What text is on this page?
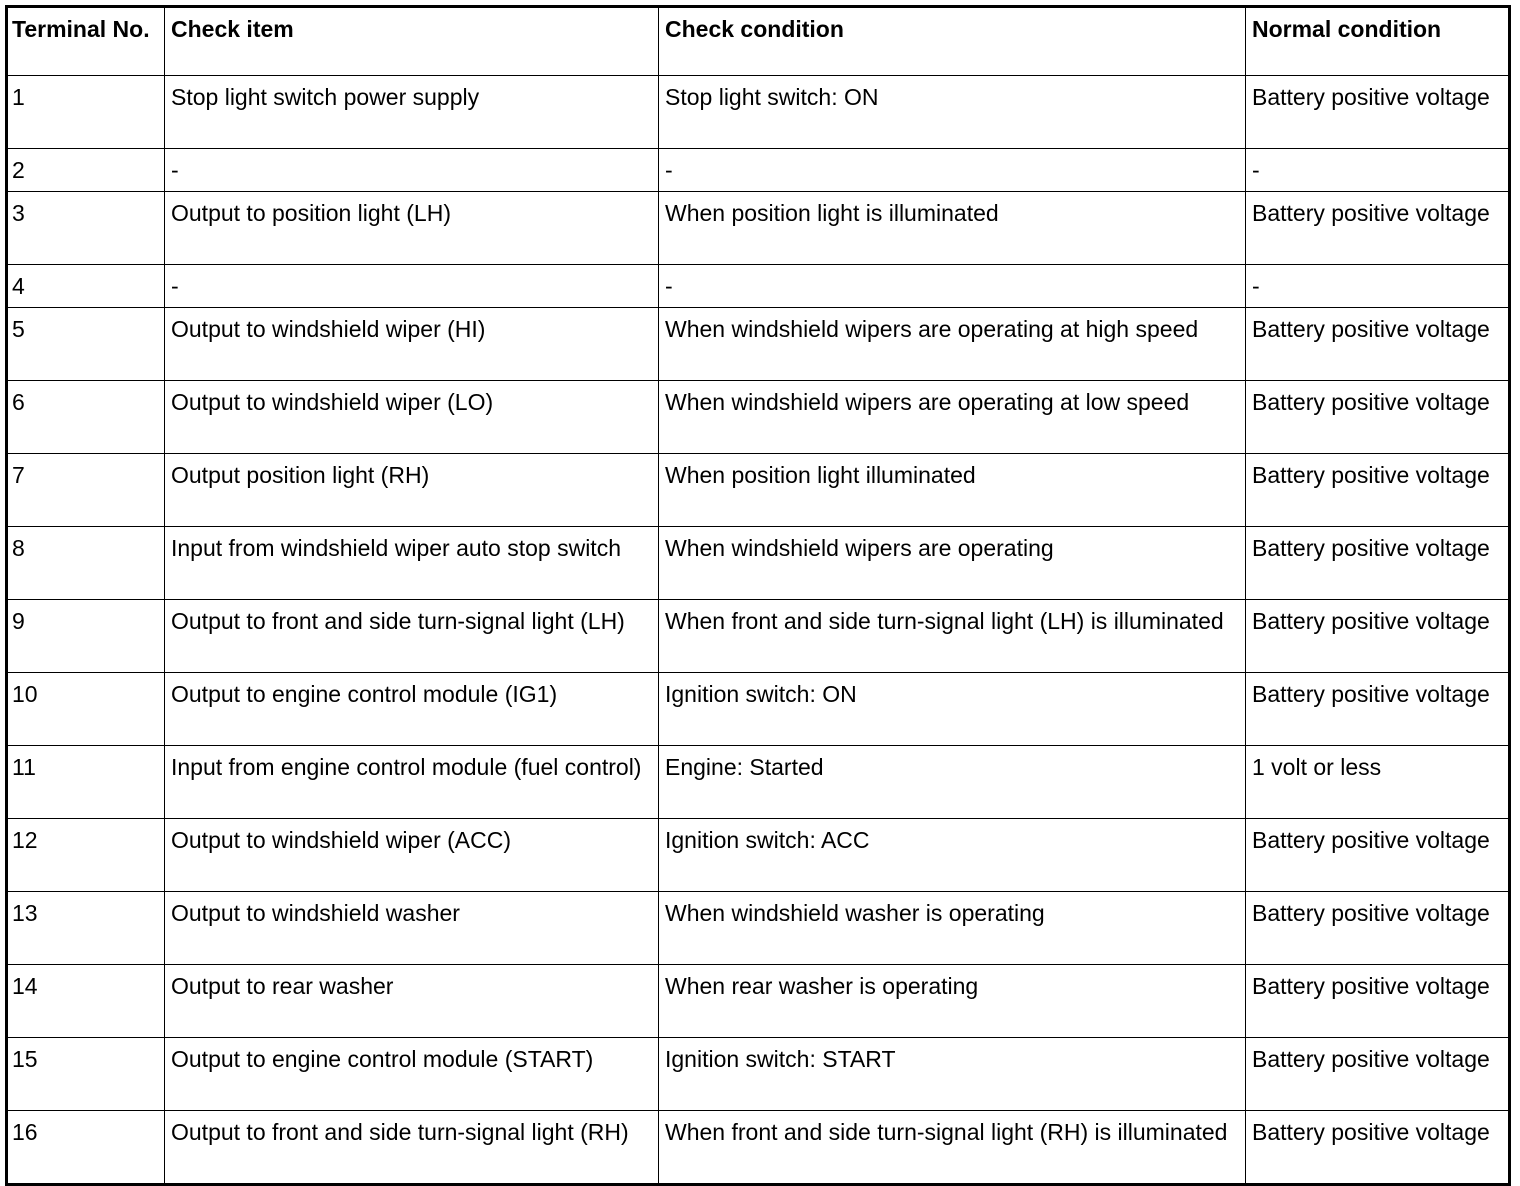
Terminal No.	Check item	Check condition	Normal condition
1	Stop light switch power supply	Stop light switch: ON	Battery positive voltage
2	-	-	-
3	Output to position light (LH)	When position light is illuminated	Battery positive voltage
4	-	-	-
5	Output to windshield wiper (HI)	When windshield wipers are operating at high speed	Battery positive voltage
6	Output to windshield wiper (LO)	When windshield wipers are operating at low speed	Battery positive voltage
7	Output position light (RH)	When position light illuminated	Battery positive voltage
8	Input from windshield wiper auto stop switch	When windshield wipers are operating	Battery positive voltage
9	Output to front and side turn-signal light (LH)	When front and side turn-signal light (LH) is illuminated	Battery positive voltage
10	Output to engine control module (IG1)	Ignition switch: ON	Battery positive voltage
11	Input from engine control module (fuel control)	Engine: Started	1 volt or less
12	Output to windshield wiper (ACC)	Ignition switch: ACC	Battery positive voltage
13	Output to windshield washer	When windshield washer is operating	Battery positive voltage
14	Output to rear washer	When rear washer is operating	Battery positive voltage
15	Output to engine control module (START)	Ignition switch: START	Battery positive voltage
16	Output to front and side turn-signal light (RH)	When front and side turn-signal light (RH) is illuminated	Battery positive voltage
